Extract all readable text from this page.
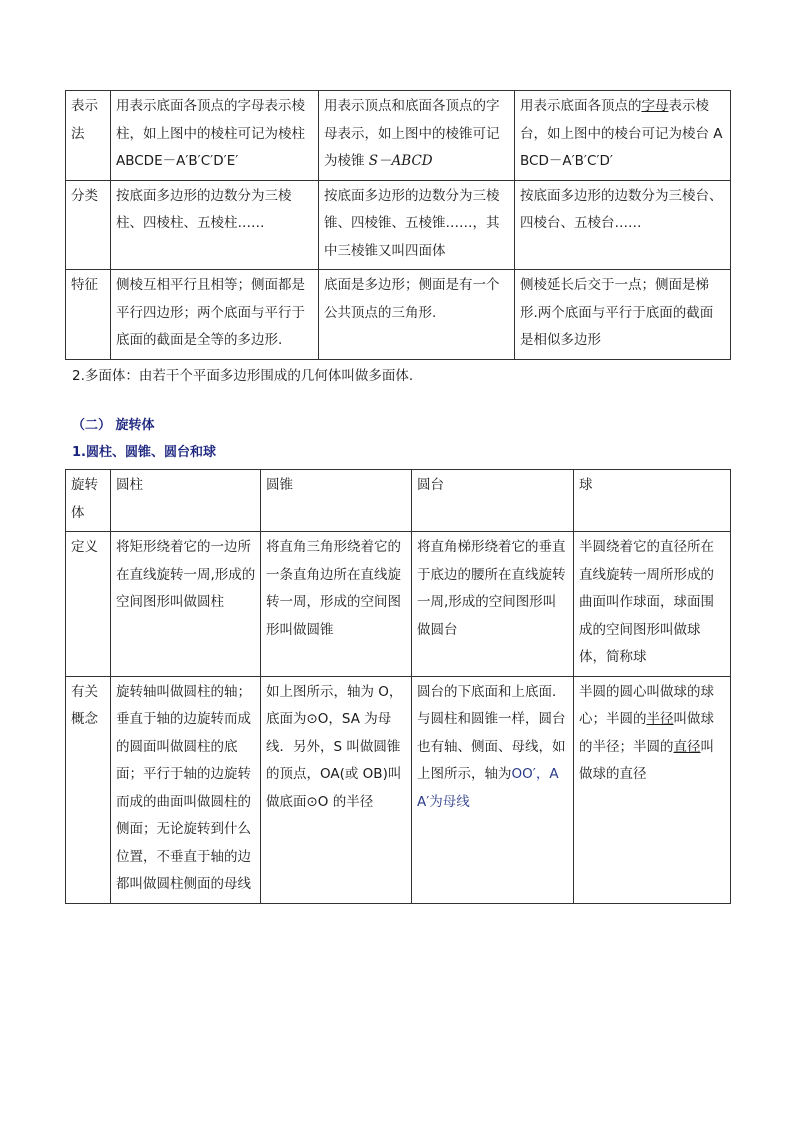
表示法	用表示底面各顶点的字母表示棱柱，如上图中的棱柱可记为棱柱 ABCDE－A′B′C′D′E′	用表示顶点和底面各顶点的字母表示，如上图中的棱锥可记为棱锥 S－ABCD	用表示底面各顶点的字母表示棱台，如上图中的棱台可记为棱台 ABCD－A′B′C′D′
分类	按底面多边形的边数分为三棱柱、四棱柱、五棱柱……	按底面多边形的边数分为三棱锥、四棱锥、五棱锥……，其中三棱锥又叫四面体	按底面多边形的边数分为三棱台、四棱台、五棱台……
特征	侧棱互相平行且相等；侧面都是平行四边形；两个底面与平行于底面的截面是全等的多边形.	底面是多边形；侧面是有一个公共顶点的三角形.	侧棱延长后交于一点；侧面是梯形.两个底面与平行于底面的截面是相似多边形
2.多面体：由若干个平面多边形围成的几何体叫做多面体.
（二） 旋转体
1.圆柱、圆锥、圆台和球
旋转体	圆柱	圆锥	圆台	球
定义	将矩形绕着它的一边所在直线旋转一周,形成的空间图形叫做圆柱	将直角三角形绕着它的一条直角边所在直线旋转一周，形成的空间图形叫做圆锥	将直角梯形绕着它的垂直于底边的腰所在直线旋转一周,形成的空间图形叫做圆台	半圆绕着它的直径所在直线旋转一周所形成的曲面叫作球面，球面围成的空间图形叫做球体，简称球
有关概念	旋转轴叫做圆柱的轴；垂直于轴的边旋转而成的圆面叫做圆柱的底面；平行于轴的边旋转而成的曲面叫做圆柱的侧面；无论旋转到什么位置，不垂直于轴的边都叫做圆柱侧面的母线	如上图所示，轴为 O，底面为⊙O，SA 为母线．另外，S 叫做圆锥的顶点，OA(或 OB)叫做底面⊙O 的半径	圆台的下底面和上底面．与圆柱和圆锥一样，圆台也有轴、侧面、母线，如上图所示，轴为OO′，AA′为母线	半圆的圆心叫做球的球心；半圆的半径叫做球的半径；半圆的直径叫做球的直径
